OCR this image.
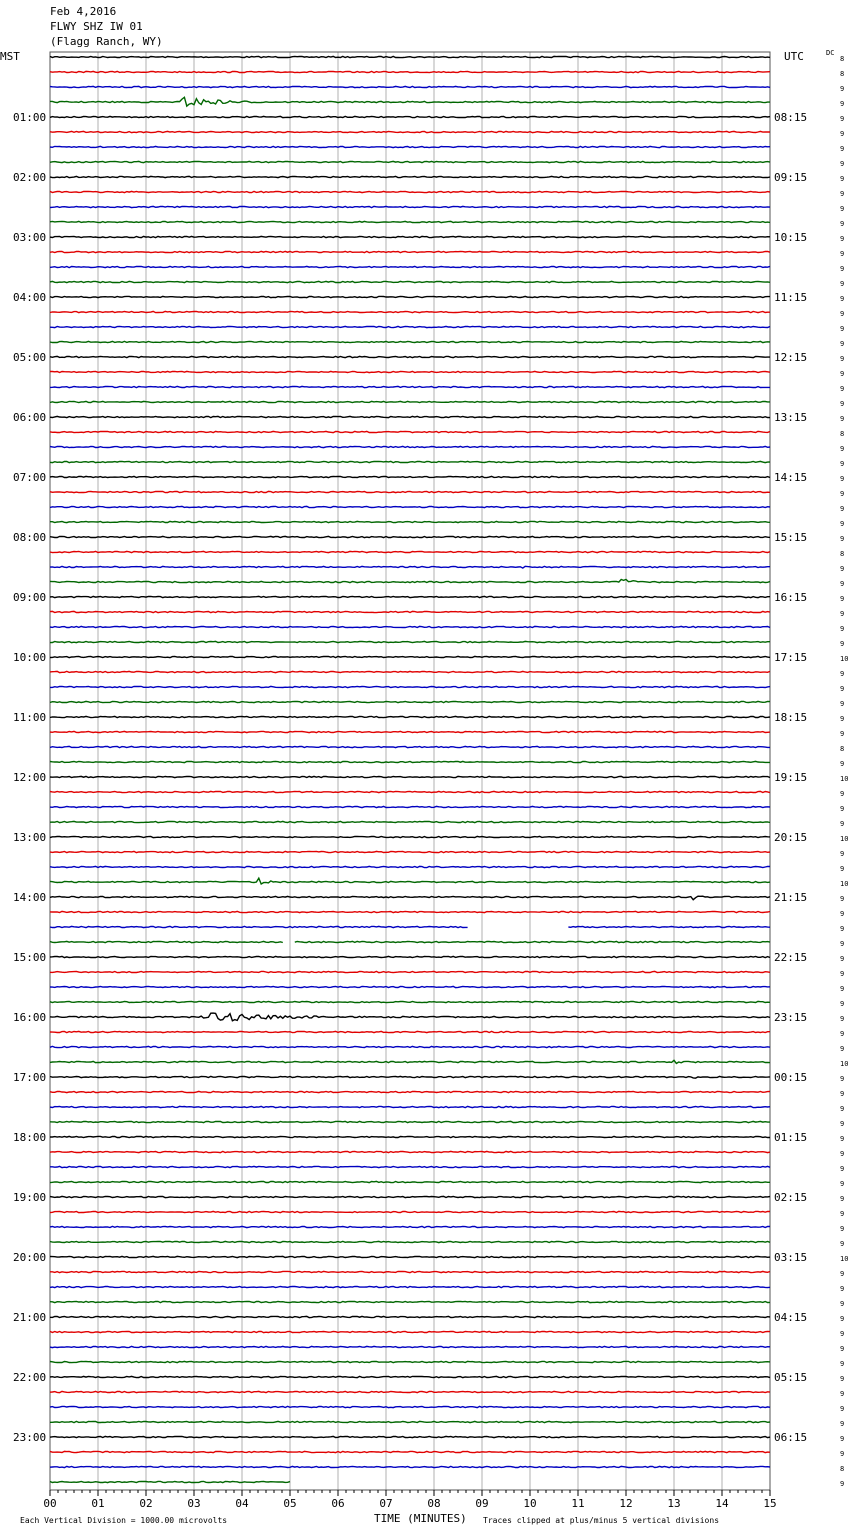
Feb 4,2016
FLWY SHZ IW 01
(Flagg Ranch, WY)
MST	UTC	DC
8
8
9
9
9
9
9
9
9
9
9
9
9
9
9
9
9
9
9
9
9
9
9
9
9
8
9
9
9
9
9
9
9
8
9
9
9
9
9
9
10
9
9
9
9
9
8
9
10
9
9
9
10
9
9
10
9
9
9
9
9
9
9
9
9
9
9
10
9
9
9
9
9
9
9
9
9
9
9
9
10
9
9
9
9
9
9
9
9
9
9
9
9
9
8
9
01:00
02:00
03:00
04:00
05:00
06:00
07:00
08:00
09:00
10:00
11:00
12:00
13:00
14:00
15:00
16:00
17:00
18:00
19:00
20:00
21:00
22:00
23:00
08:15
09:15
10:15
11:15
12:15
13:15
14:15
15:15
16:15
17:15
18:15
19:15
20:15
21:15
22:15
23:15
00:15
01:15
02:15
03:15
04:15
05:15
06:15
00	01	02	03	04	05	06	07	08	09	10	11	12	13	14	15
Each Vertical Division = 1000.00 microvolts	TIME (MINUTES) Traces clipped at plus/minus 5 vertical divisions
